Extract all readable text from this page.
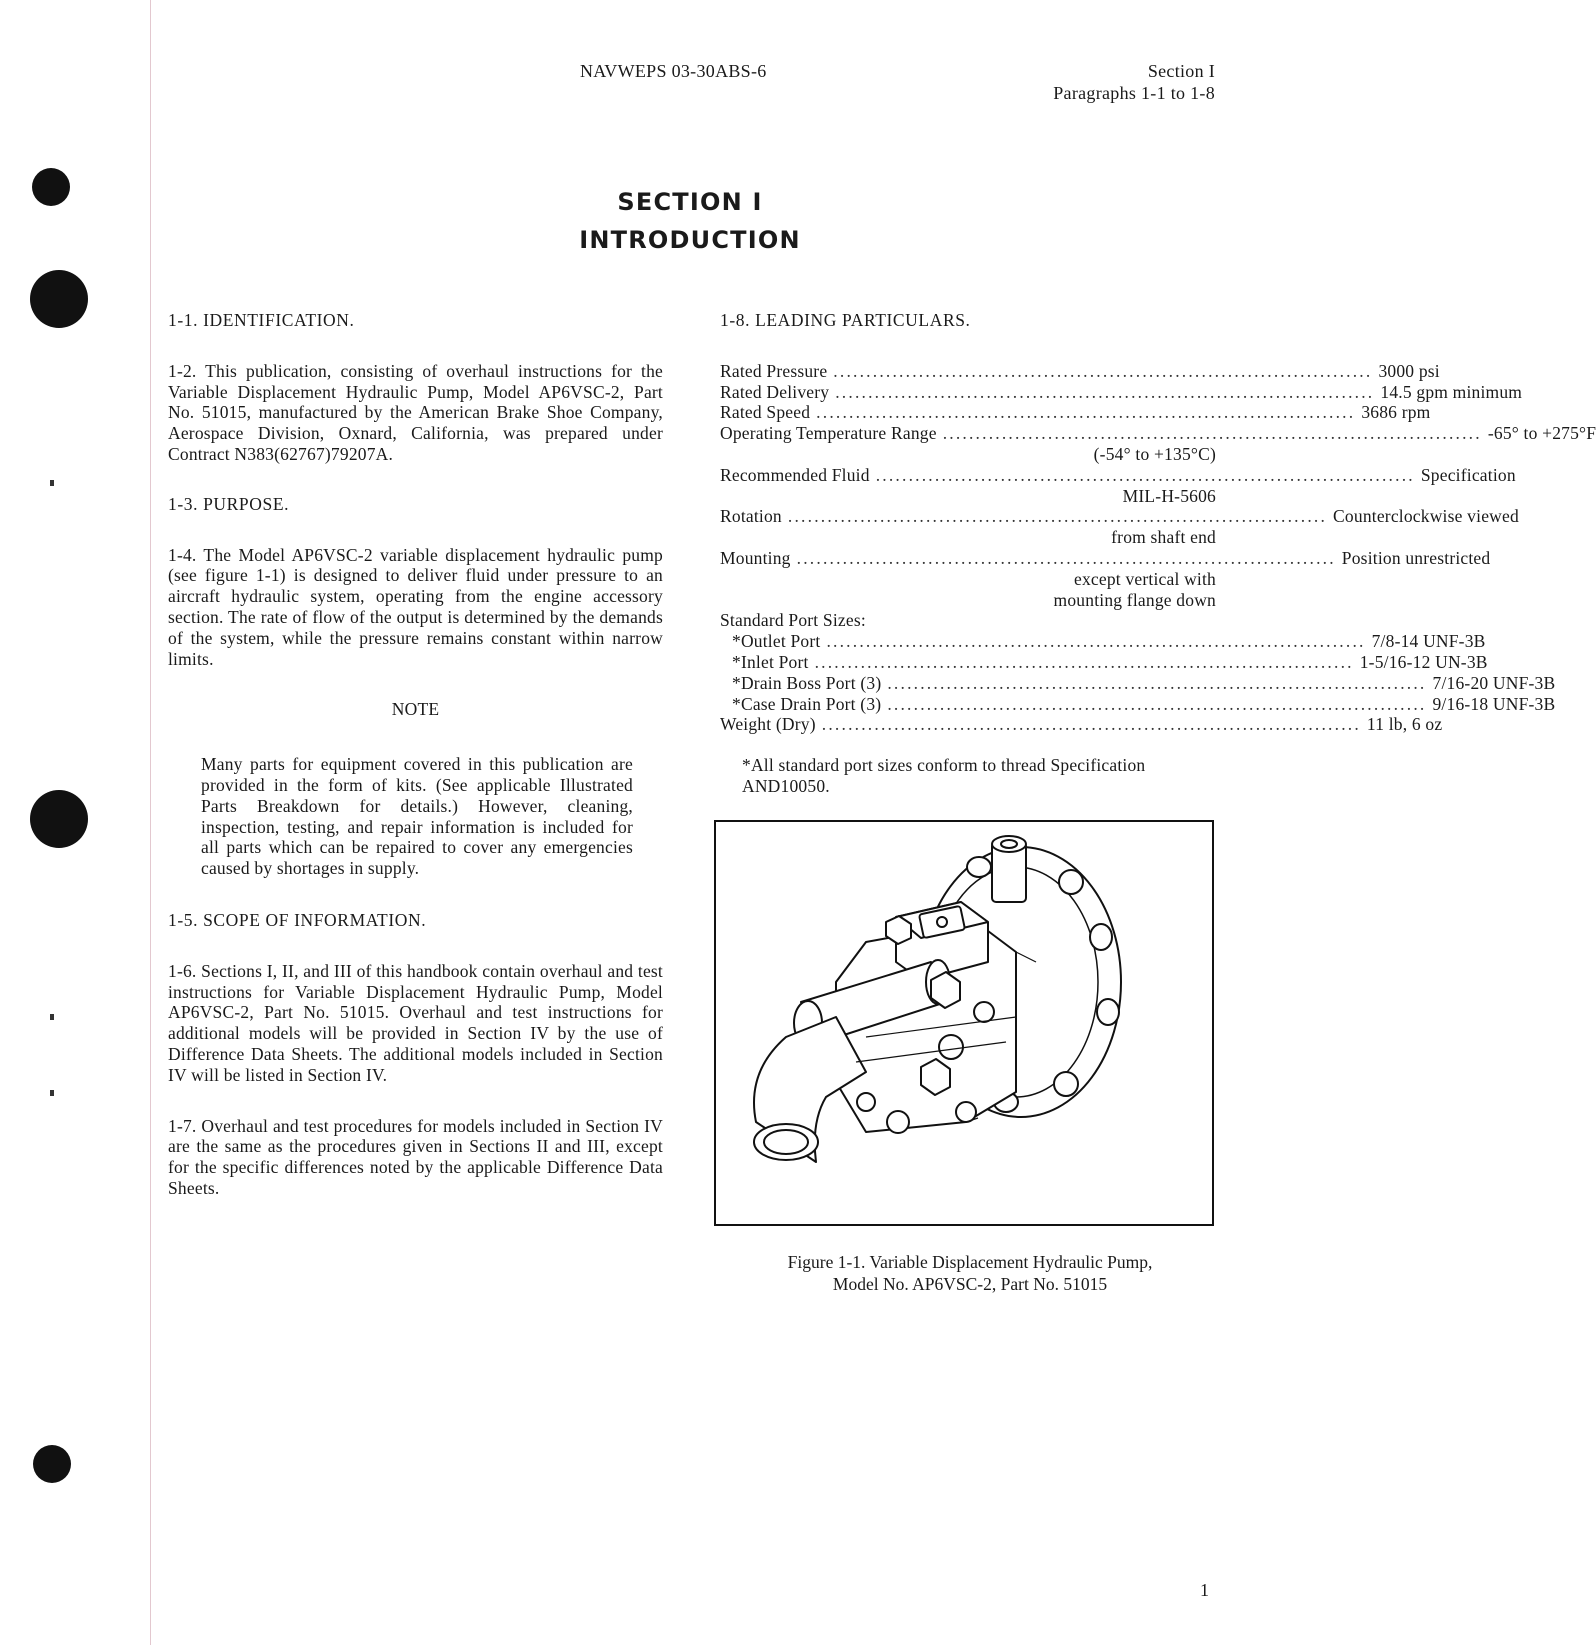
NAVWEPS 03-30ABS-6	Section I
Paragraphs 1-1 to 1-8
SECTION I
INTRODUCTION

1-1. IDENTIFICATION.

1-2. This publication, consisting of overhaul instructions for the Variable Displacement Hydraulic Pump, Model AP6VSC-2, Part No. 51015, manufactured by the American Brake Shoe Company, Aerospace Division, Oxnard, California, was prepared under Contract N383(62767)79207A.

1-3. PURPOSE.

1-4. The Model AP6VSC-2 variable displacement hydraulic pump (see figure 1-1) is designed to deliver fluid under pressure to an aircraft hydraulic system, operating from the engine accessory section. The rate of flow of the output is determined by the demands of the system, while the pressure remains constant within narrow limits.

NOTE

Many parts for equipment covered in this publication are provided in the form of kits. (See applicable Illustrated Parts Breakdown for details.) However, cleaning, inspection, testing, and repair information is included for all parts which can be repaired to cover any emergencies caused by shortages in supply.

1-5. SCOPE OF INFORMATION.

1-6. Sections I, II, and III of this handbook contain overhaul and test instructions for Variable Displacement Hydraulic Pump, Model AP6VSC-2, Part No. 51015. Overhaul and test instructions for additional models will be provided in Section IV by the use of Difference Data Sheets. The additional models included in Section IV will be listed in Section IV.

1-7. Overhaul and test procedures for models included in Section IV are the same as the procedures given in Sections II and III, except for the specific differences noted by the applicable Difference Data Sheets.

1-8. LEADING PARTICULARS.

Rated Pressure .................................................................................. 3000 psi
Rated Delivery .................................................................................. 14.5 gpm minimum
Rated Speed .................................................................................. 3686 rpm
Operating Temperature Range .................................................................................. -65° to +275°F
(-54° to +135°C)
Recommended Fluid .................................................................................. Specification
MIL-H-5606
Rotation .................................................................................. Counterclockwise viewed
from shaft end
Mounting .................................................................................. Position unrestricted
except vertical with
mounting flange down
Standard Port Sizes:
*Outlet Port .................................................................................. 7/8-14 UNF-3B
*Inlet Port .................................................................................. 1-5/16-12 UN-3B
*Drain Boss Port (3) .................................................................................. 7/16-20 UNF-3B
*Case Drain Port (3) .................................................................................. 9/16-18 UNF-3B
Weight (Dry) .................................................................................. 11 lb, 6 oz

*All standard port sizes conform to thread Specification AND10050.

Figure 1-1. Variable Displacement Hydraulic Pump,
Model No. AP6VSC-2, Part No. 51015
1
